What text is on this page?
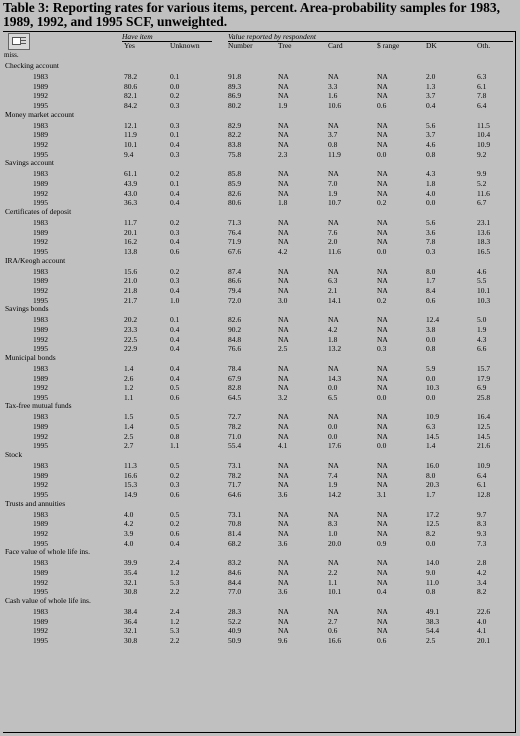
Table 3: Reporting rates for various items, percent. Area-probability samples for 1983, 1989, 1992, and 1995 SCF, unweighted.
miss.
Have item	Value reported by respondent
Yes	Unknown	Number	Tree	Card	$ range	DK	Oth.
Checking account
1983	78.2	0.1	91.8	NA	NA	NA	2.0	6.3
1989	80.6	0.0	89.3	NA	3.3	NA	1.3	6.1
1992	82.1	0.2	86.9	NA	1.6	NA	3.7	7.8
1995	84.2	0.3	80.2	1.9	10.6	0.6	0.4	6.4
Money market account
1983	12.1	0.3	82.9	NA	NA	NA	5.6	11.5
1989	11.9	0.1	82.2	NA	3.7	NA	3.7	10.4
1992	10.1	0.4	83.8	NA	0.8	NA	4.6	10.9
1995	9.4	0.3	75.8	2.3	11.9	0.0	0.8	9.2
Savings account
1983	61.1	0.2	85.8	NA	NA	NA	4.3	9.9
1989	43.9	0.1	85.9	NA	7.0	NA	1.8	5.2
1992	43.0	0.4	82.6	NA	1.9	NA	4.0	11.6
1995	36.3	0.4	80.6	1.8	10.7	0.2	0.0	6.7
Certificates of deposit
1983	11.7	0.2	71.3	NA	NA	NA	5.6	23.1
1989	20.1	0.3	76.4	NA	7.6	NA	3.6	13.6
1992	16.2	0.4	71.9	NA	2.0	NA	7.8	18.3
1995	13.8	0.6	67.6	4.2	11.6	0.0	0.3	16.5
IRA/Keogh account
1983	15.6	0.2	87.4	NA	NA	NA	8.0	4.6
1989	21.0	0.3	86.6	NA	6.3	NA	1.7	5.5
1992	21.8	0.4	79.4	NA	2.1	NA	8.4	10.1
1995	21.7	1.0	72.0	3.0	14.1	0.2	0.6	10.3
Savings bonds
1983	20.2	0.1	82.6	NA	NA	NA	12.4	5.0
1989	23.3	0.4	90.2	NA	4.2	NA	3.8	1.9
1992	22.5	0.4	84.8	NA	1.8	NA	0.0	4.3
1995	22.9	0.4	76.6	2.5	13.2	0.3	0.8	6.6
Municipal bonds
1983	1.4	0.4	78.4	NA	NA	NA	5.9	15.7
1989	2.6	0.4	67.9	NA	14.3	NA	0.0	17.9
1992	1.2	0.5	82.8	NA	0.0	NA	10.3	6.9
1995	1.1	0.6	64.5	3.2	6.5	0.0	0.0	25.8
Tax-free mutual funds
1983	1.5	0.5	72.7	NA	NA	NA	10.9	16.4
1989	1.4	0.5	78.2	NA	0.0	NA	6.3	12.5
1992	2.5	0.8	71.0	NA	0.0	NA	14.5	14.5
1995	2.7	1.1	55.4	4.1	17.6	0.0	1.4	21.6
Stock
1983	11.3	0.5	73.1	NA	NA	NA	16.0	10.9
1989	16.6	0.2	78.2	NA	7.4	NA	8.0	6.4
1992	15.3	0.3	71.7	NA	1.9	NA	20.3	6.1
1995	14.9	0.6	64.6	3.6	14.2	3.1	1.7	12.8
Trusts and annuities
1983	4.0	0.5	73.1	NA	NA	NA	17.2	9.7
1989	4.2	0.2	70.8	NA	8.3	NA	12.5	8.3
1992	3.9	0.6	81.4	NA	1.0	NA	8.2	9.3
1995	4.0	0.4	68.2	3.6	20.0	0.9	0.0	7.3
Face value of whole life ins.
1983	39.9	2.4	83.2	NA	NA	NA	14.0	2.8
1989	35.4	1.2	84.6	NA	2.2	NA	9.0	4.2
1992	32.1	5.3	84.4	NA	1.1	NA	11.0	3.4
1995	30.8	2.2	77.0	3.6	10.1	0.4	0.8	8.2
Cash value of whole life ins.
1983	38.4	2.4	28.3	NA	NA	NA	49.1	22.6
1989	36.4	1.2	52.2	NA	2.7	NA	38.3	4.0
1992	32.1	5.3	40.9	NA	0.6	NA	54.4	4.1
1995	30.8	2.2	50.9	9.6	16.6	0.6	2.5	20.1
